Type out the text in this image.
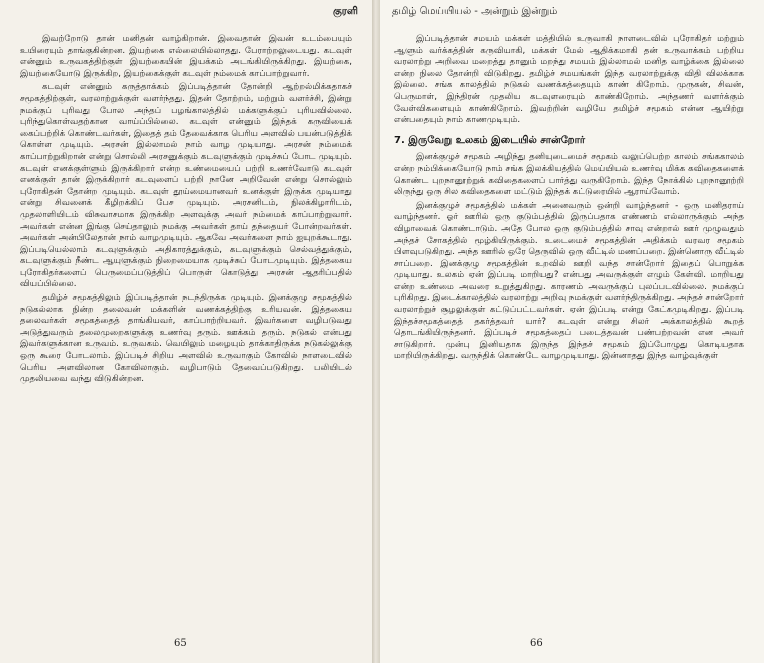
குரளி

இவற்றோடு தான் மனிதன் வாழ்கிறான். இவைதான் இவன் உடம்பையும் உயிரையும் தாங்குகின்றன. இயற்கை எல்லையில்லாதது. பேராற்றலுடையது. கடவுள் என்னும் உருவகத்திற்குள் இயற்கையின் இயக்கம் அடங்கியிருக்கிறது. இயற்கை, இயற்கையோடு இருக்கிற, இயற்கைக்குள் கடவுள் நம்மைக் காப்பாற்றுவார்.

கடவுள் என்னும் கருத்தாக்கம் இப்படித்தான் தோன்றி ஆற்றல்மிக்கதாகச் சமூகத்திற்குள், வரலாற்றுக்குள் வளர்ந்தது. இதன் தோற்றம், மற்றும் வளர்ச்சி, இன்று நமக்குப் புரிவது போல அந்தப் பழங்காலத்தில் மக்களுக்குப் புரியவில்லை. புரிந்துகொள்வதற்கான வாய்ப்பில்லை. கடவுள் என்னும் இந்தக் கருவியைக் கைப்பற்றிக் கொண்டவர்கள், இதைத் தம் தேவைக்காக பெரிய அளவில் பயன்படுத்திக் கொள்ள முடியும். அரசன் இல்லாமல் நாம் வாழ முடியாது. அரசன் நம்மைக் காப்பாற்றுகிறான் என்று சொல்லி அரசனுக்கும் கடவுளுக்கும் முடிச்சுப் போட முடியும். கடவுள் எனக்குள்ளும் இருக்கிறார் என்ற உண்மையைப் பற்றி உணர்வோடு கடவுள் எனக்குள் தான் இருக்கிறார் கடவுளைப் பற்றி நானே அறிவேன் என்று சொல்லும் புரோகிதன் தோன்ற முடியும். கடவுள் தூய்மையானவர் உனக்குள் இருக்க முடியாது என்று சிவனைக் கீழிறக்கிப் பேச முடியும். அரசனிடம், நிலக்கிழாரிடம், முதலாளியிடம் விசுவாசமாக இருக்கிற அளவுக்கு அவர் நம்மைக் காப்பாற்றுவார். அவர்கள் என்ன இங்கு செய்தாலும் நமக்கு அவர்கள் தாய் தந்தையர் போன்றவர்கள். அவர்கள் அன்பிலேதான் நாம் வாழமுடியும். ஆகவே அவர்களை நாம் ஐயுறக்கூடாது. இப்படியெல்லாம் கடவுளுக்கும் அதிகாரத்துக்கும், கடவுளுக்கும் செல்வத்துக்கும், கடவுளுக்கும் நீண்ட ஆயுளுக்கும் நிறைமையாக முடிச்சுப் போடமுடியும். இத்தகைய புரோகிதர்களைப் பெருமைப்படுத்திப் பொருள் கொடுத்து அரசன் ஆதரிப்பதில் வியப்பில்லை.

தமிழ்ச் சமூகத்திலும் இப்படித்தான் நடந்திருக்க முடியும். இனக்குழு சமூகத்தில் நடுகல்லாக நின்ற தலைவன் மக்களின் வணக்கத்திற்கு உரியவன். இத்தகைய தலைவர்கள் சமூகத்தைத் தாங்கியவர், காப்பாற்றியவர். இவர்களை வழிபடுவது அடுத்துவரும் தலைமுறைகளுக்கு உணர்வு தரும். ஊக்கம் தரும். நடுகல் என்பது இவர்களுக்கான உருவம். உருவகம். வெயிலும் மழையும் தாக்காதிருக்க நடுகல்லுக்கு ஒரு கூரை போடலாம். இப்படிச் சிறிய அளவில் உருவாகும் கோவில் நாளடைவில் பெரிய அளவிலான கோவிலாகும். வழிபாடும் தேவைப்படுகிறது. பலியிடல் முதலியவை வந்து விடுகின்றன.

65
தமிழ் மெய்யியல் - அன்றும் இன்றும்

இப்படித்தான் சமயம் மக்கள் மத்தியில் உருவாகி நாளடைவில் புரோகிதர் மற்றும் ஆளும் வர்க்கத்தின் கருவியாகி, மக்கள் மேல் ஆதிக்கமாகி தன் உருவாக்கம் பற்றிய வரலாற்று அறிவை மறைத்து தானும் மறந்து சமயம் இல்லாமல் மனித வாழ்க்கை இல்லை என்ற நிலை தோன்றி விடுகிறது. தமிழ்ச் சமயங்கள் இந்த வரலாற்றுக்கு விதி விலக்காக இல்லை. சங்க காலத்தில் நடுகல் வணக்கத்தையும் காண் கிறோம். முருகன், சிவன், பெருமாள், இந்திரன் முதலிய கடவுளரையும் காண்கிறோம். அந்தணர் வளர்க்கும் வேள்விகளையும் காண்கிறோம். இவற்றின் வழியே தமிழ்ச் சமூகம் என்ன ஆயிற்று என்பதையும் நாம் காணமுடியும்.

7. இருவேறு உலகம் இடையில் சான்றோர்

இனக்குழுச் சமூகம் அழிந்து தனியுடைமைச் சமூகம் வலுப்பெற்ற காலம் சங்ககாலம் என்ற நம்பிக்கையோடு நாம் சங்க இலக்கியத்தில் மெய்யியல் உணர்வு மிக்க கவிதைகளைக் கொண்ட புறநானூற்றுக் கவிதைகளைப் பார்த்து வருகிறோம். இந்த நோக்கில் புறநானூற்றி லிருந்து ஒரு சில கவிதைகளை மட்டும் இந்தக் கட்டுரையில் ஆராய்வோம்.

இனக்குழுச் சமூகத்தில் மக்கள் அனைவரும் ஒன்றி வாழ்ந்தனர் - ஒரு மனிதராய் வாழ்ந்தனர். ஓர் ஊரில் ஒரு குடும்பத்தில் இருப்பதாக எண்ணம் எல்லாருக்கும் அந்த விழாவைக் கொண்டாடும். அதே போல ஒரு குடும்பத்தில் சாவு என்றால் ஊர் முழுவதும் அந்தச் சோகத்தில் மூழ்கியிருக்கும். உடைமைச் சமூகத்தின் அதிக்கம் வரவர சமூகம் பிளவுபடுகிறது. அந்த ஊரில் ஒரே தெருவில் ஒரு வீட்டில் மணப்பறை. இன்னொரு வீட்டில் சாப்பறை. இனக்குழு சமூகத்தின் உறவில் ஊறி வந்த சான்றோர் இதைப் பொறுக்க முடியாது. உலகம் ஏன் இப்படி மாறியது? என்பது அவருக்குள் எழும் கேள்வி. மாறியது என்ற உண்மை அவரை உறுத்துகிறது. காரணம் அவருக்குப் புலப்படவில்லை. நமக்குப் புரிகிறது. இடைக்காலத்தில் வரலாற்று அறிவு நமக்குள் வளர்ந்திருக்கிறது. அந்தச் சான்றோர் வரலாற்றுச் சூழலுக்குள் கட்டுப்பட்டவர்கள். ஏன் இப்படி என்று கேட்கமுடிகிறது. இப்படி இந்தச்சமூகத்தைத் தகர்த்தவர் யார்? கடவுள் என்று சிலர் அக்காலத்தில் கூறத் தொடங்கியிருந்தனர். இப்படிச் சமூகத்தைப் படைத்தவன் பண்பற்றவன் என அவர் சாடுகிறார். முன்பு இனியதாக இருந்த இந்தச் சமூகம் இப்போழுது கொடியதாக மாறியிருக்கிறது. வருந்திக் கொண்டே வாழமுடியாது. இன்னாதது இந்த வாழ்வுக்குள்

66
